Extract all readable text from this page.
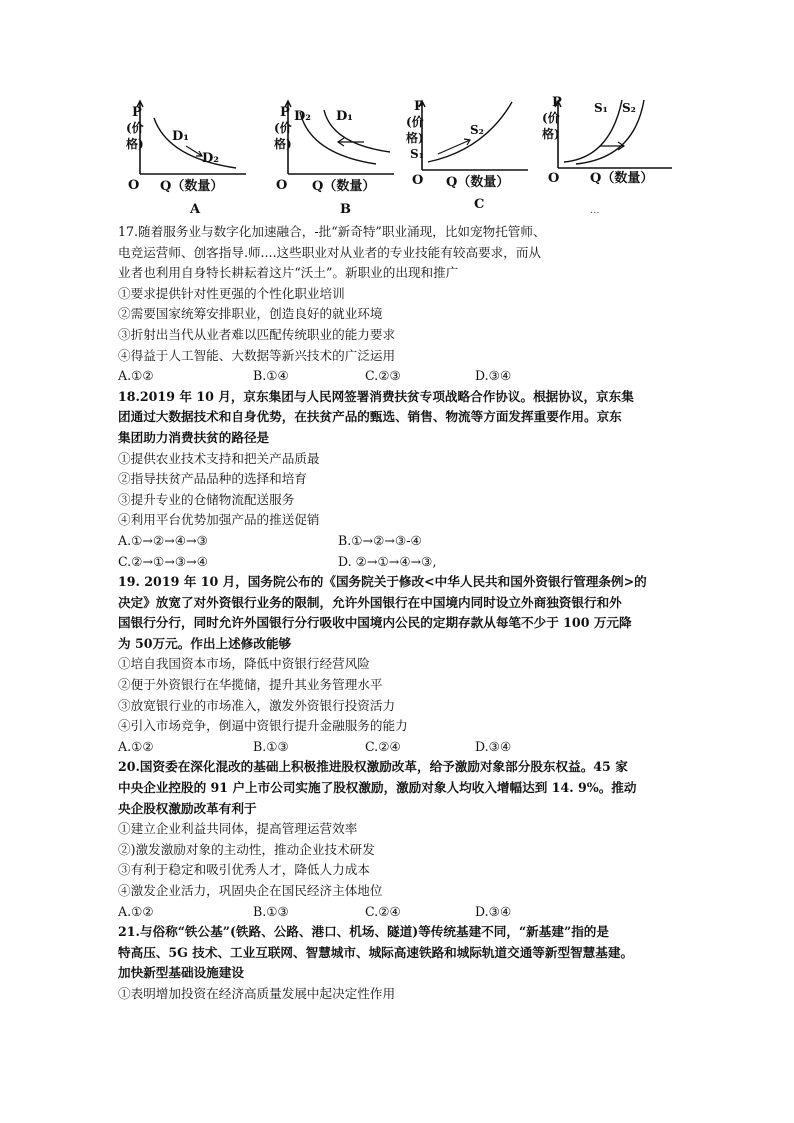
P
(价
格)
O Q（数量）
D₁
D₂
A
P
(价
格)
O Q（数量）
D₂ D₁
B
P
(价
格)
O Q（数量）
S₁
S₂
C
P
(价
格)
O Q（数量）
S₁ S₂
...
17.随着服务业与数字化加速融合，-批“新奇特”职业涌现，比如宠物托管师、
电竞运营师、创客指导.师....这些职业对从业者的专业技能有较高要求，而从
业者也利用自身特长耕耘着这片“沃土”。新职业的出现和推广
①要求提供针对性更强的个性化职业培训
②需要国家统筹安排职业，创造良好的就业环境
③折射出当代从业者难以匹配传统职业的能力要求
④得益于人工智能、大数据等新兴技术的广泛运用
A.①②	B.①④	C.②③	D.③④
18.2019 年 10 月，京东集团与人民网签署消费扶贫专项战略合作协议。根据协议，京东集
团通过大数据技术和自身优势，在扶贫产品的甄选、销售、物流等方面发挥重要作用。京东
集团助力消费扶贫的路径是
①提供农业技术支持和把关产品质最
②指导扶贫产品品种的选择和培育
③提升专业的仓储物流配送服务
④利用平台优势加强产品的推送促销
A.①→②→④→③	B.①→②→③-④
C.②→①→③→④	D. ②→①→④→③,
19. 2019 年 10 月，国务院公布的《国务院关于修改<中华人民共和国外资银行管理条例>的
决定》放宽了对外资银行业务的限制，允许外国银行在中国境内同时设立外商独资银行和外
国银行分行，同时允许外国银行分行吸收中国境内公民的定期存款从每笔不少于 100 万元降
为 50万元。作出上述修改能够
①培自我国资本市场，降低中资银行经营风险
②便于外资银行在华揽储，提升其业务管理水平
③放宽银行业的市场准入，激发外资银行投资活力
④引入市场竞争，倒逼中资银行提升金融服务的能力
A.①②	B.①③	C.②④	D.③④
20.国资委在深化混改的基础上积极推进股权激励改革，给予激励对象部分股东权益。45 家
中央企业控股的 91 户上市公司实施了股权激励，激励对象人均收入增幅达到 14. 9%。推动
央企股权激励改革有利于
①建立企业利益共同体，提高管理运营效率
②)激发激励对象的主动性，推动企业技术研发
③有利于稳定和吸引优秀人才，降低人力成本
④激发企业活力，巩固央企在国民经济主体地位
A.①②	B.①③	C.②④	D.③④
21.与俗称“铁公基”(铁路、公路、港口、机场、隧道)等传统基建不同，“新基建”指的是
特高压、5G 技术、工业互联网、智慧城市、城际高速铁路和城际轨道交通等新型智慧基建。
加快新型基础设施建设
①表明增加投资在经济高质量发展中起决定性作用
